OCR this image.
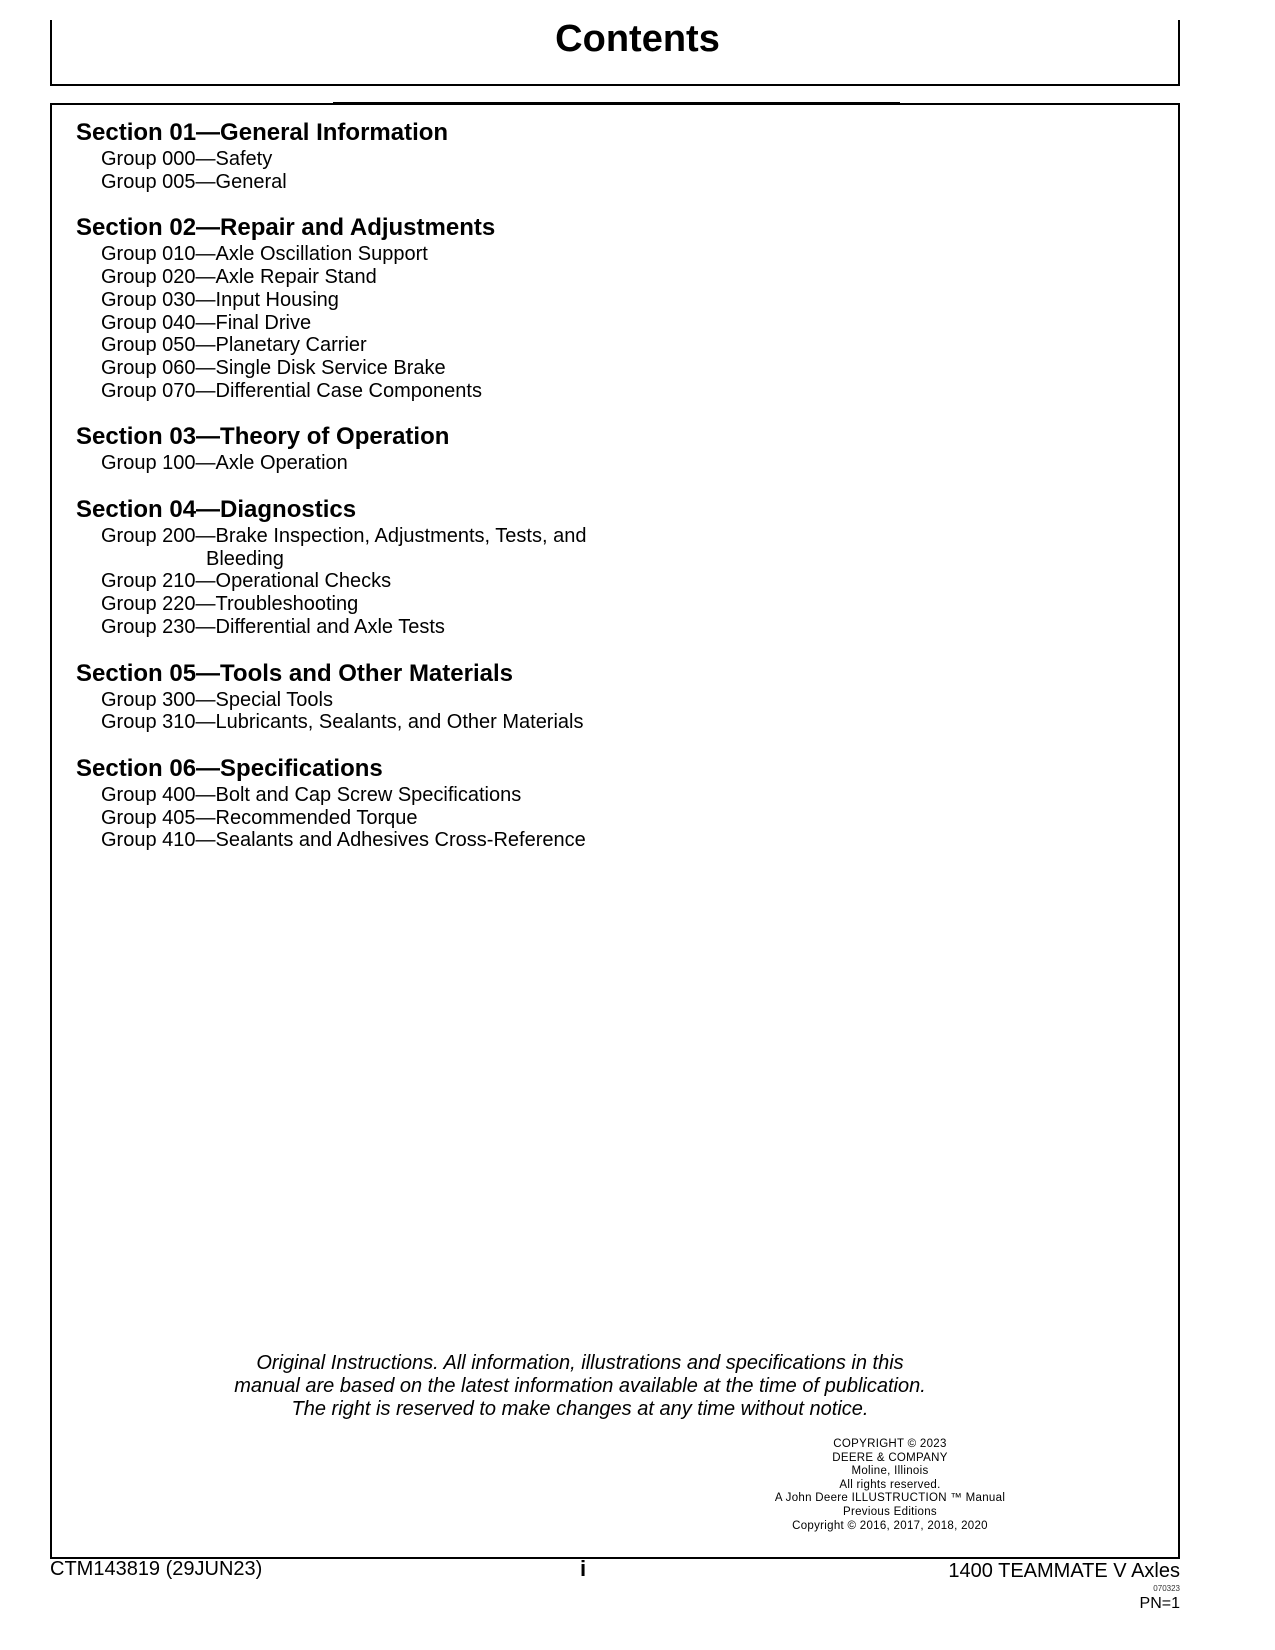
Contents
Section 01—General Information
Group 000—Safety
Group 005—General
Section 02—Repair and Adjustments
Group 010—Axle Oscillation Support
Group 020—Axle Repair Stand
Group 030—Input Housing
Group 040—Final Drive
Group 050—Planetary Carrier
Group 060—Single Disk Service Brake
Group 070—Differential Case Components
Section 03—Theory of Operation
Group 100—Axle Operation
Section 04—Diagnostics
Group 200—Brake Inspection, Adjustments, Tests, and
Bleeding
Group 210—Operational Checks
Group 220—Troubleshooting
Group 230—Differential and Axle Tests
Section 05—Tools and Other Materials
Group 300—Special Tools
Group 310—Lubricants, Sealants, and Other Materials
Section 06—Specifications
Group 400—Bolt and Cap Screw Specifications
Group 405—Recommended Torque
Group 410—Sealants and Adhesives Cross-Reference
Original Instructions. All information, illustrations and specifications in this
manual are based on the latest information available at the time of publication.
The right is reserved to make changes at any time without notice.
COPYRIGHT © 2023
DEERE & COMPANY
Moline, Illinois
All rights reserved.
A John Deere ILLUSTRUCTION ™ Manual
Previous Editions
Copyright © 2016, 2017, 2018, 2020
CTM143819 (29JUN23)	i	1400 TEAMMATE V Axles
070323
PN=1
